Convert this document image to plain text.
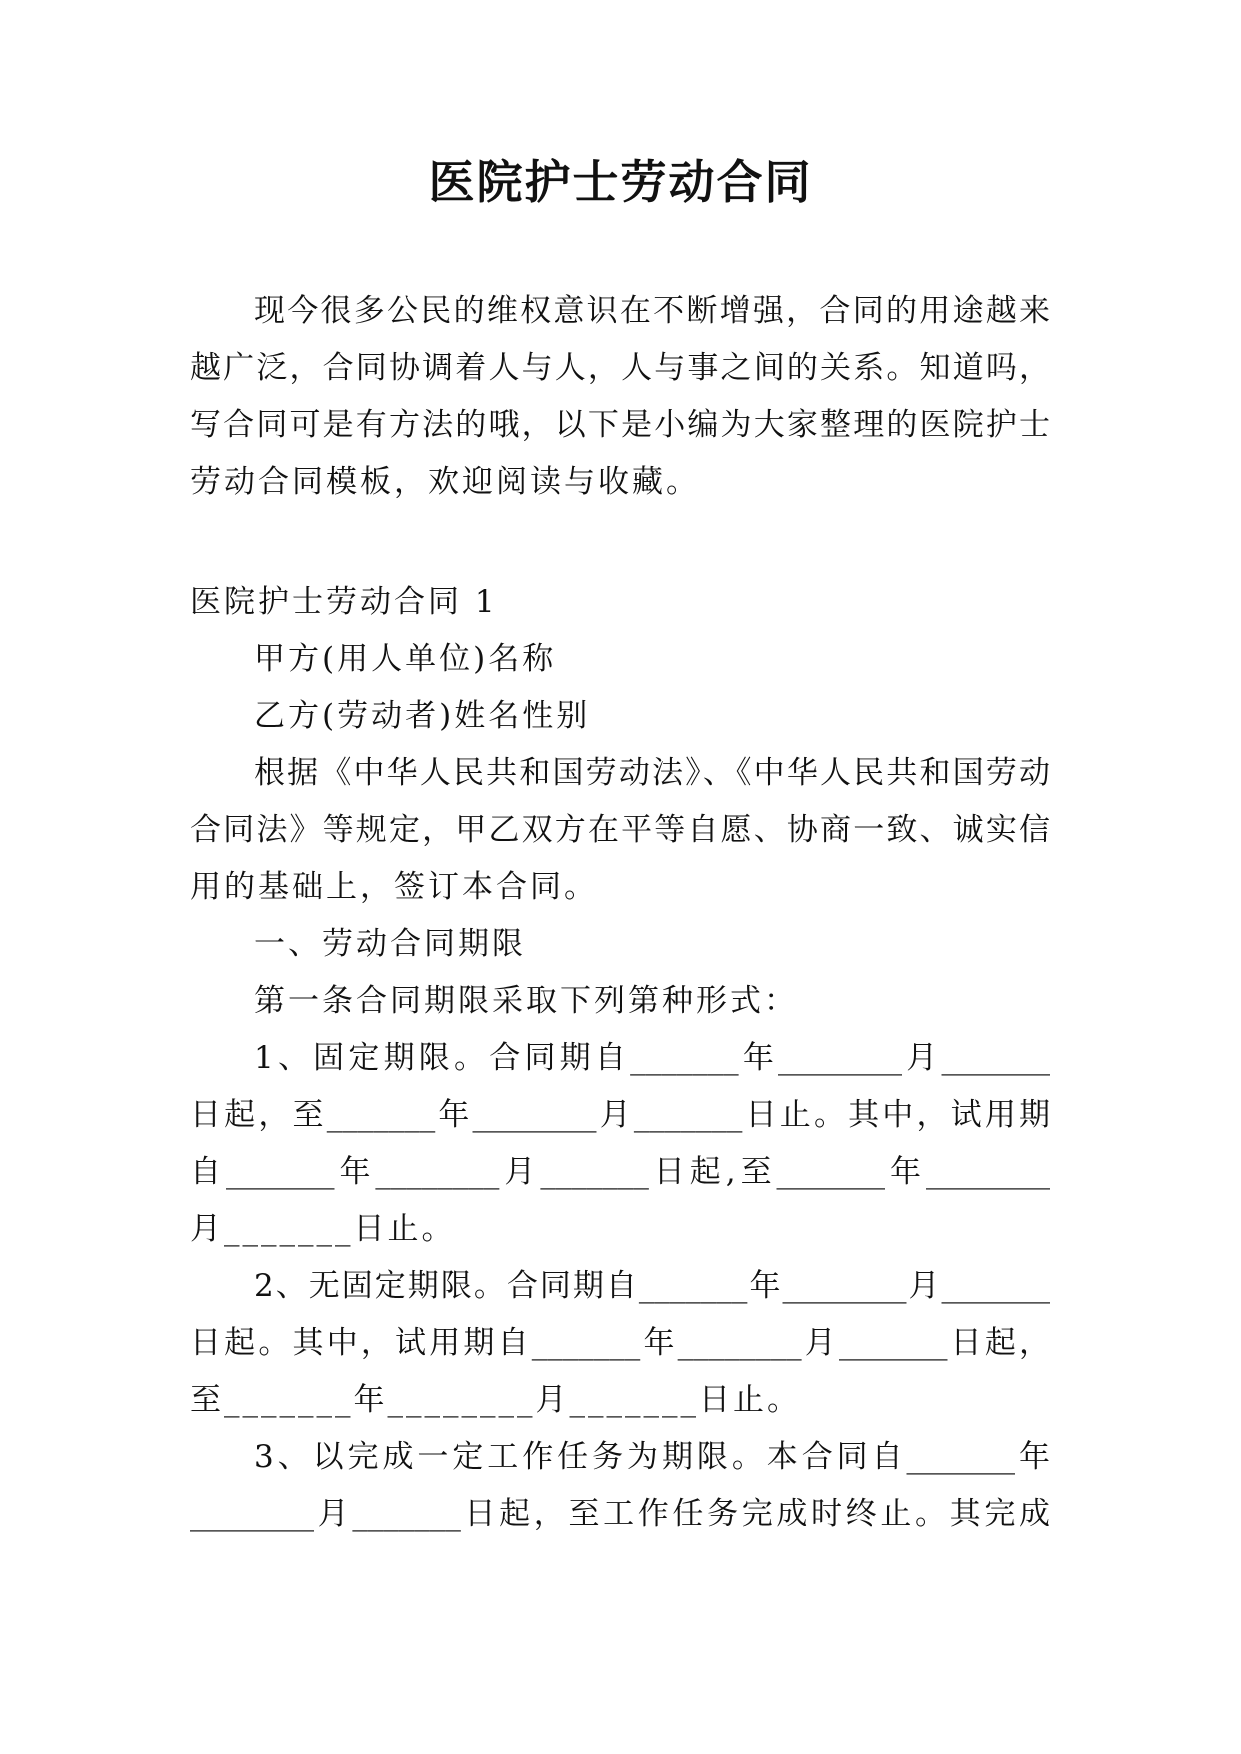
医院护士劳动合同
现今很多公民的维权意识在不断增强，合同的用途越来
越广泛，合同协调着人与人，人与事之间的关系。知道吗，
写合同可是有方法的哦，以下是小编为大家整理的医院护士
劳动合同模板，欢迎阅读与收藏。
医院护士劳动合同 1
甲方(用人单位)名称
乙方(劳动者)姓名性别
根据《中华人民共和国劳动法》、《中华人民共和国劳动
合同法》等规定，甲乙双方在平等自愿、协商一致、诚实信
用的基础上，签订本合同。
一、劳动合同期限
第一条合同期限采取下列第种形式：
1、固定期限。合同期自_______年________月_______
日起，至_______年________月_______日止。其中，试用期
自_______年________月_______日起,至_______年________
月_______日止。
2、无固定期限。合同期自_______年________月_______
日起。其中，试用期自_______年________月_______日起，
至_______年________月_______日止。
3、以完成一定工作任务为期限。本合同自_______年
________月_______日起，至工作任务完成时终止。其完成
